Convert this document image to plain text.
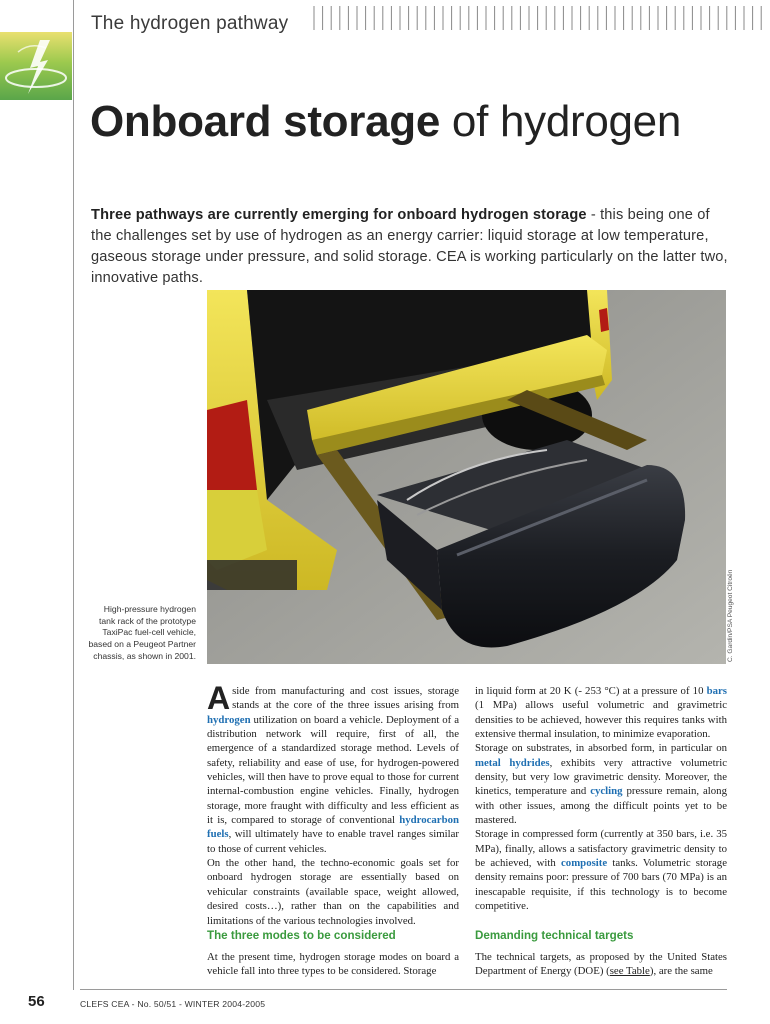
The hydrogen pathway
Onboard storage of hydrogen
Three pathways are currently emerging for onboard hydrogen storage - this being one of the challenges set by use of hydrogen as an energy carrier: liquid storage at low temperature, gaseous storage under pressure, and solid storage. CEA is working particularly on the latter two, innovative paths.
C. Gardin/PSA Peugeot Citroën
High-pressure hydrogen tank rack of the prototype TaxiPac fuel-cell vehicle, based on a Peugeot Partner chassis, as shown in 2001.

Aside from manufacturing and cost issues, storage stands at the core of the three issues arising from hydrogen utilization on board a vehicle. Deployment of a distribution network will require, first of all, the emergence of a standardized storage method. Levels of safety, reliability and ease of use, for hydrogen-powered vehicles, will then have to prove equal to those for current internal-combustion engine vehicles. Finally, hydrogen storage, more fraught with difficulty and less efficient as it is, compared to storage of conventional hydrocarbon fuels, will ultimately have to enable travel ranges similar to those of current vehicles.

On the other hand, the techno-economic goals set for onboard hydrogen storage are essentially based on vehicular constraints (available space, weight allowed, desired costs…), rather than on the capabilities and limitations of the various technologies involved.

The three modes to be considered
At the present time, hydrogen storage modes on board a vehicle fall into three types to be considered. Storage

in liquid form at 20 K (- 253 °C) at a pressure of 10 bars (1 MPa) allows useful volumetric and gravimetric densities to be achieved, however this requires tanks with extensive thermal insulation, to minimize evaporation.

Storage on substrates, in absorbed form, in particular on metal hydrides, exhibits very attractive volumetric density, but very low gravimetric density. Moreover, the kinetics, temperature and cycling pressure remain, along with other issues, among the difficult points yet to be mastered.

Storage in compressed form (currently at 350 bars, i.e. 35 MPa), finally, allows a satisfactory gravimetric density to be achieved, with composite tanks. Volumetric storage density remains poor: pressure of 700 bars (70 MPa) is an inescapable requisite, if this technology is to become competitive.

Demanding technical targets
The technical targets, as proposed by the United States Department of Energy (DOE) (see Table), are the same
56	CLEFS CEA - No. 50/51 - WINTER 2004-2005
